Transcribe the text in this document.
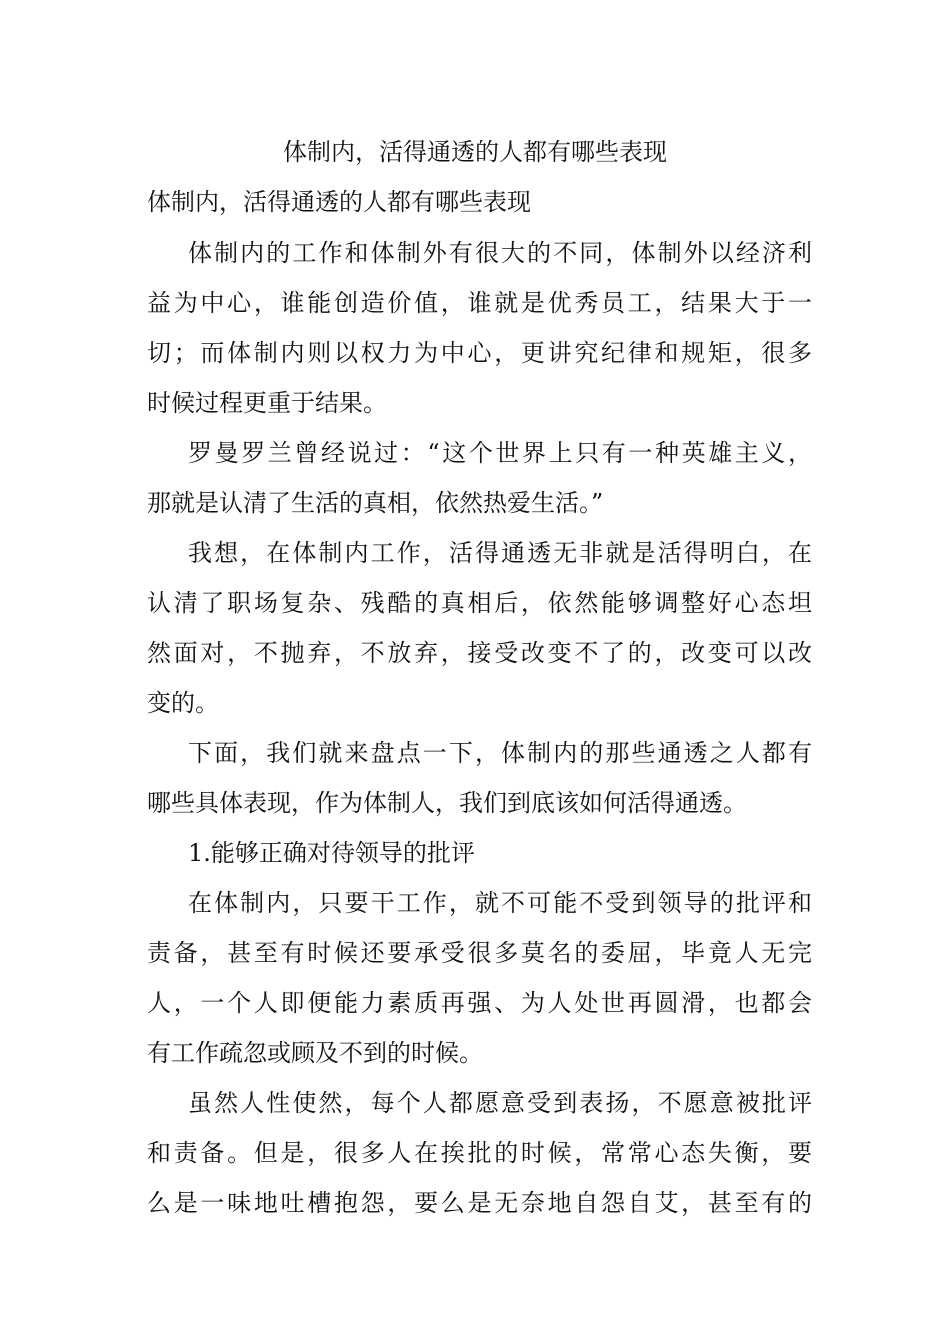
体制内，活得通透的人都有哪些表现
体制内，活得通透的人都有哪些表现
体制内的工作和体制外有很大的不同，体制外以经济利
益为中心，谁能创造价值，谁就是优秀员工，结果大于一
切；而体制内则以权力为中心，更讲究纪律和规矩，很多
时候过程更重于结果。
罗曼罗兰曾经说过：“这个世界上只有一种英雄主义，
那就是认清了生活的真相，依然热爱生活。”
我想，在体制内工作，活得通透无非就是活得明白，在
认清了职场复杂、残酷的真相后，依然能够调整好心态坦
然面对，不抛弃，不放弃，接受改变不了的，改变可以改
变的。
下面，我们就来盘点一下，体制内的那些通透之人都有
哪些具体表现，作为体制人，我们到底该如何活得通透。
1.能够正确对待领导的批评
在体制内，只要干工作，就不可能不受到领导的批评和
责备，甚至有时候还要承受很多莫名的委屈，毕竟人无完
人，一个人即便能力素质再强、为人处世再圆滑，也都会
有工作疏忽或顾及不到的时候。
虽然人性使然，每个人都愿意受到表扬，不愿意被批评
和责备。但是，很多人在挨批的时候，常常心态失衡，要
么是一味地吐槽抱怨，要么是无奈地自怨自艾，甚至有的
